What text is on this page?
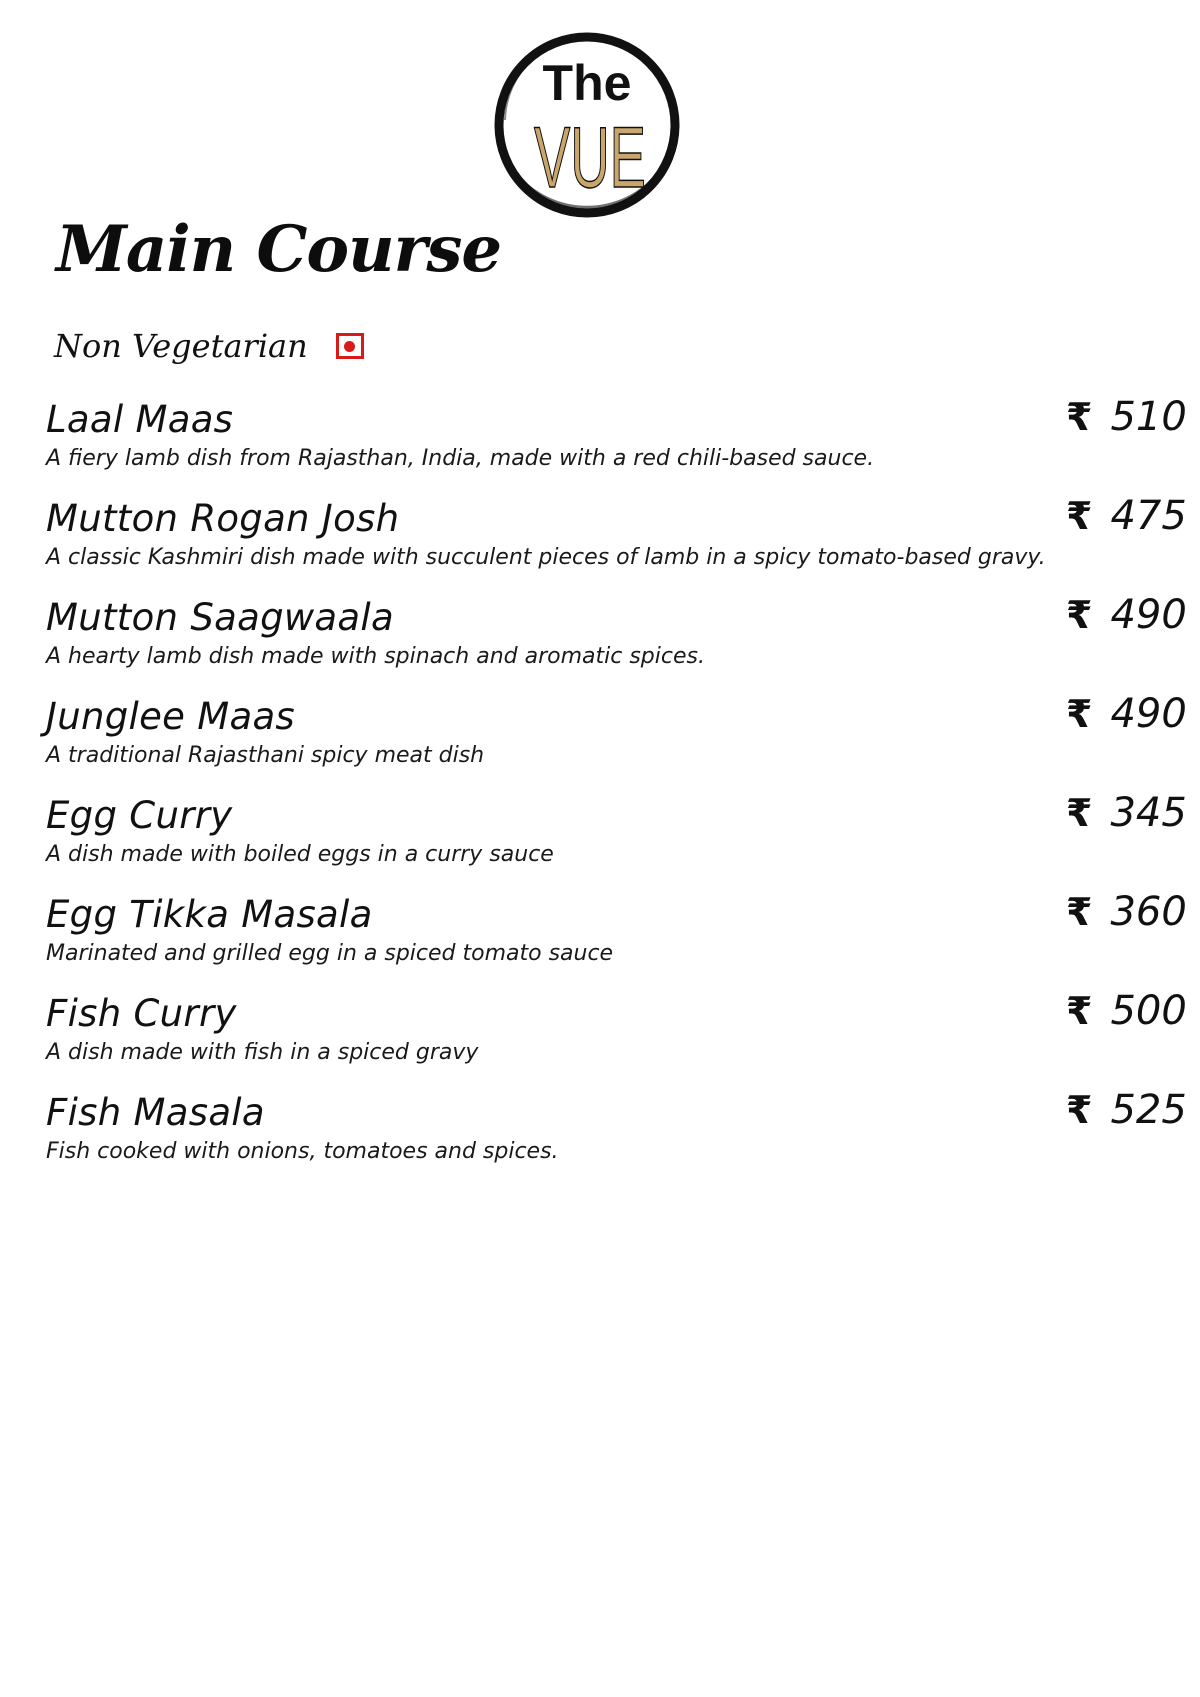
The
VUE
Main Course
Non Vegetarian
Laal Maas
A fiery lamb dish from Rajasthan, India, made with a red chili-based sauce.
₹ 510
Mutton Rogan Josh
A classic Kashmiri dish made with succulent pieces of lamb in a spicy tomato-based gravy.
₹ 475
Mutton Saagwaala
A hearty lamb dish made with spinach and aromatic spices.
₹ 490
Junglee Maas
A traditional Rajasthani spicy meat dish
₹ 490
Egg Curry
A dish made with boiled eggs in a curry sauce
₹ 345
Egg Tikka Masala
Marinated and grilled egg in a spiced tomato sauce
₹ 360
Fish Curry
A dish made with fish in a spiced gravy
₹ 500
Fish Masala
Fish cooked with onions, tomatoes and spices.
₹ 525
